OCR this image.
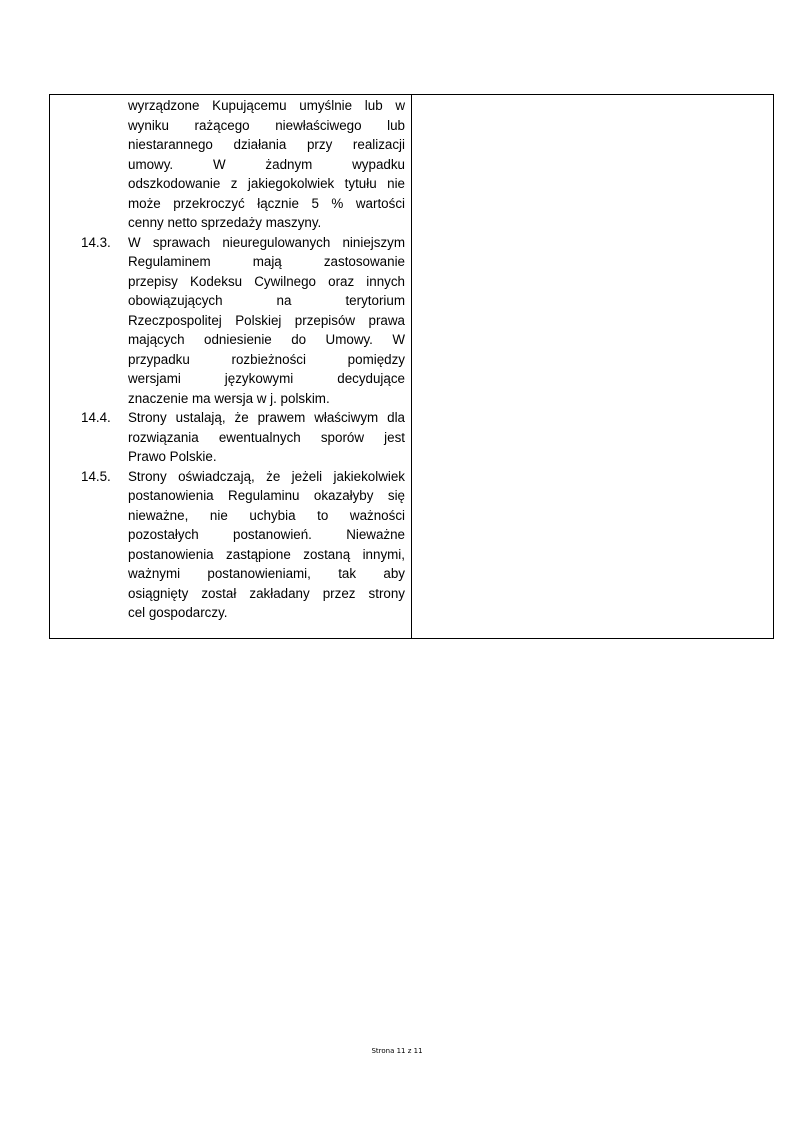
wyrządzone Kupującemu umyślnie lub w
wyniku rażącego niewłaściwego lub
niestarannego działania przy realizacji
umowy. W żadnym wypadku
odszkodowanie z jakiegokolwiek tytułu nie
może przekroczyć łącznie 5 % wartości
cenny netto sprzedaży maszyny.
14.3.	W sprawach nieuregulowanych niniejszym
Regulaminem mają zastosowanie
przepisy Kodeksu Cywilnego oraz innych
obowiązujących na terytorium
Rzeczpospolitej Polskiej przepisów prawa
mających odniesienie do Umowy. W
przypadku rozbieżności pomiędzy
wersjami językowymi decydujące
znaczenie ma wersja w j. polskim.
14.4.	Strony ustalają, że prawem właściwym dla
rozwiązania ewentualnych sporów jest
Prawo Polskie.
14.5.	Strony oświadczają, że jeżeli jakiekolwiek
postanowienia Regulaminu okazałyby się
nieważne, nie uchybia to ważności
pozostałych postanowień. Nieważne
postanowienia zastąpione zostaną innymi,
ważnymi postanowieniami, tak aby
osiągnięty został zakładany przez strony
cel gospodarczy.
Strona 11 z 11
